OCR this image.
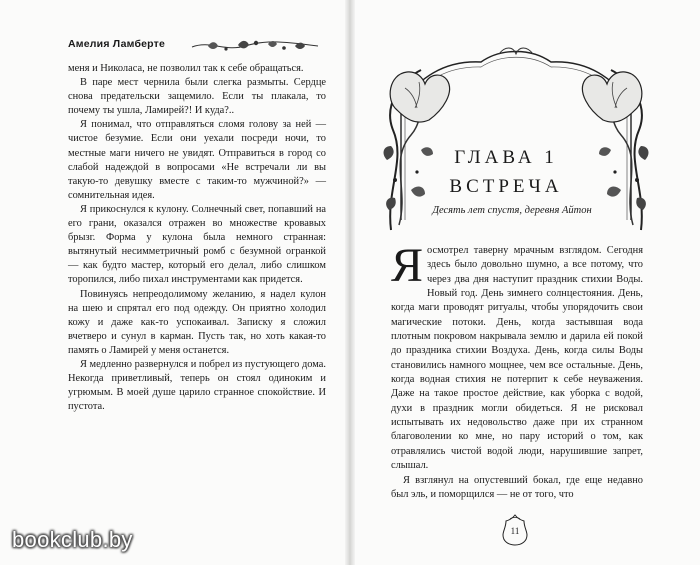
Амелия Ламберте

меня и Николаса, не позволил так к себе обращаться.

В паре мест чернила были слегка размыты. Сердце снова предательски защемило. Если ты плакала, то почему ты ушла, Ламирей?! И куда?..

Я понимал, что отправляться сломя голову за ней — чистое безумие. Если они уехали посреди ночи, то местные маги ничего не увидят. Отправиться в город со слабой надеждой в вопросами «Не встречали ли вы такую-то девушку вместе с таким-то мужчиной?» — сомнительная идея.

Я прикоснулся к кулону. Солнечный свет, попавший на его грани, оказался отражен во множестве кровавых брызг. Форма у кулона была немного странная: вытянутый несимметричный ромб с безумной огранкой — как будто мастер, который его делал, либо слишком торопился, либо пихал инструментами как придется.

Повинуясь непреодолимому желанию, я надел кулон на шею и спрятал его под одежду. Он приятно холодил кожу и даже как-то успокаивал. Записку я сложил вчетверо и сунул в карман. Пусть так, но хоть какая-то память о Ламирей у меня останется.

Я медленно развернулся и побрел из пустующего дома. Некогда приветливый, теперь он стоял одиноким и угрюмым. В моей душе царило странное спокойствие. И пустота.

bookclub.by
ГЛАВА 1
ВСТРЕЧА
Десять лет спустя, деревня Айтон

Яосмотрел таверну мрачным взглядом. Сегодня здесь было довольно шумно, а все потому, что через два дня наступит праздник стихии Воды. Новый год. День зимнего солнцестояния. День, когда маги проводят ритуалы, чтобы упорядочить свои магические потоки. День, когда застывшая вода плотным покровом накрывала землю и дарила ей покой до праздника стихии Воздуха. День, когда силы Воды становились намного мощнее, чем все остальные. День, когда водная стихия не потерпит к себе неуважения. Даже на такое простое действие, как уборка с водой, духи в праздник могли обидеться. Я не рисковал испытывать их недовольство даже при их странном благоволении ко мне, но пару историй о том, как отравлялись чистой водой люди, нарушившие запрет, слышал.

Я взглянул на опустевший бокал, где еще недавно был эль, и поморщился — не от того, что

11
